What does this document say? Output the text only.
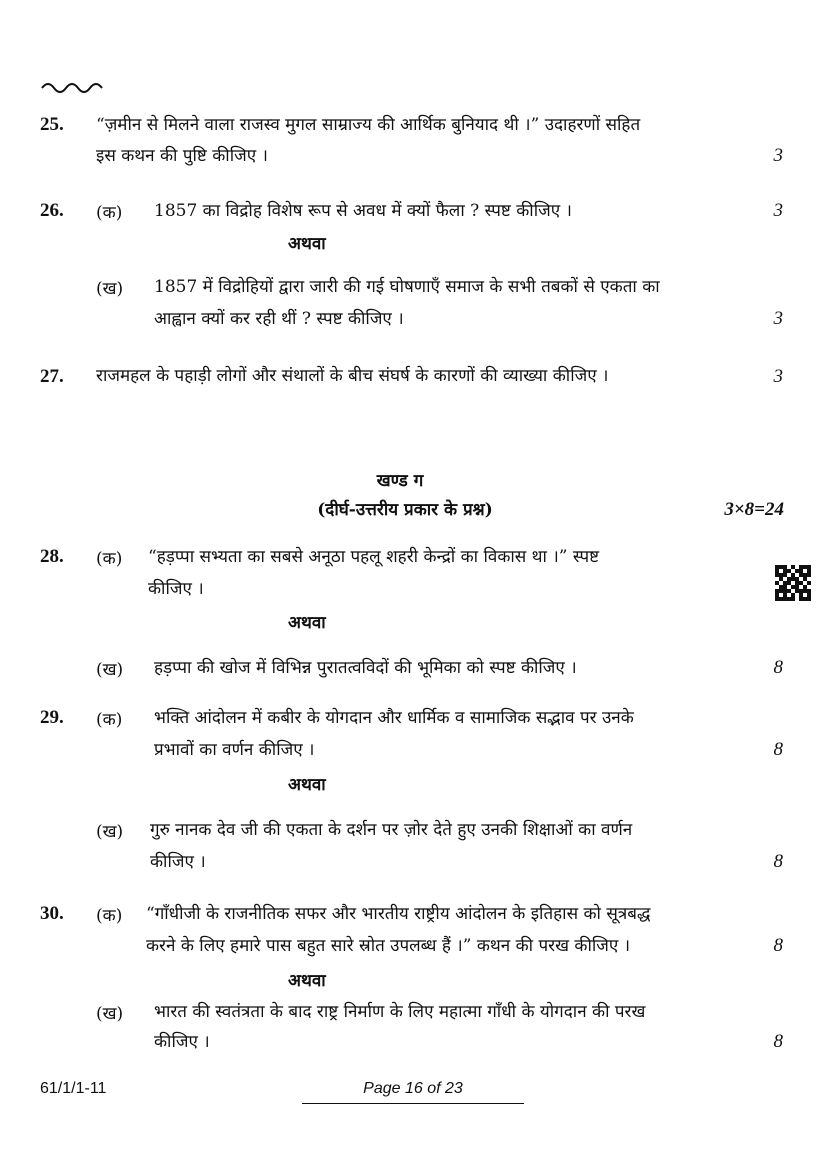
25. “ज़मीन से मिलने वाला राजस्व मुगल साम्राज्य की आर्थिक बुनियाद थी ।” उदाहरणों सहित
इस कथन की पुष्टि कीजिए ।	3
26. (क) 1857 का विद्रोह विशेष रूप से अवध में क्यों फैला ? स्पष्ट कीजिए ।	3
अथवा
(ख) 1857 में विद्रोहियों द्वारा जारी की गई घोषणाएँ समाज के सभी तबकों से एकता का
आह्वान क्यों कर रही थीं ? स्पष्ट कीजिए ।	3
27. राजमहल के पहाड़ी लोगों और संथालों के बीच संघर्ष के कारणों की व्याख्या कीजिए ।	3
खण्ड ग
(दीर्घ-उत्तरीय प्रकार के प्रश्न)	3×8=24
28. (क) “हड़प्पा सभ्यता का सबसे अनूठा पहलू शहरी केन्द्रों का विकास था ।” स्पष्ट
कीजिए ।
अथवा
(ख) हड़प्पा की खोज में विभिन्न पुरातत्वविदों की भूमिका को स्पष्ट कीजिए ।	8
29. (क) भक्ति आंदोलन में कबीर के योगदान और धार्मिक व सामाजिक सद्भाव पर उनके
प्रभावों का वर्णन कीजिए ।	8
अथवा
(ख) गुरु नानक देव जी की एकता के दर्शन पर ज़ोर देते हुए उनकी शिक्षाओं का वर्णन
कीजिए ।	8
30. (क) “गाँधीजी के राजनीतिक सफर और भारतीय राष्ट्रीय आंदोलन के इतिहास को सूत्रबद्ध
करने के लिए हमारे पास बहुत सारे स्रोत उपलब्ध हैं ।” कथन की परख कीजिए ।	8
अथवा
(ख) भारत की स्वतंत्रता के बाद राष्ट्र निर्माण के लिए महात्मा गाँधी के योगदान की परख
कीजिए ।	8
61/1/1-11	Page 16 of 23
